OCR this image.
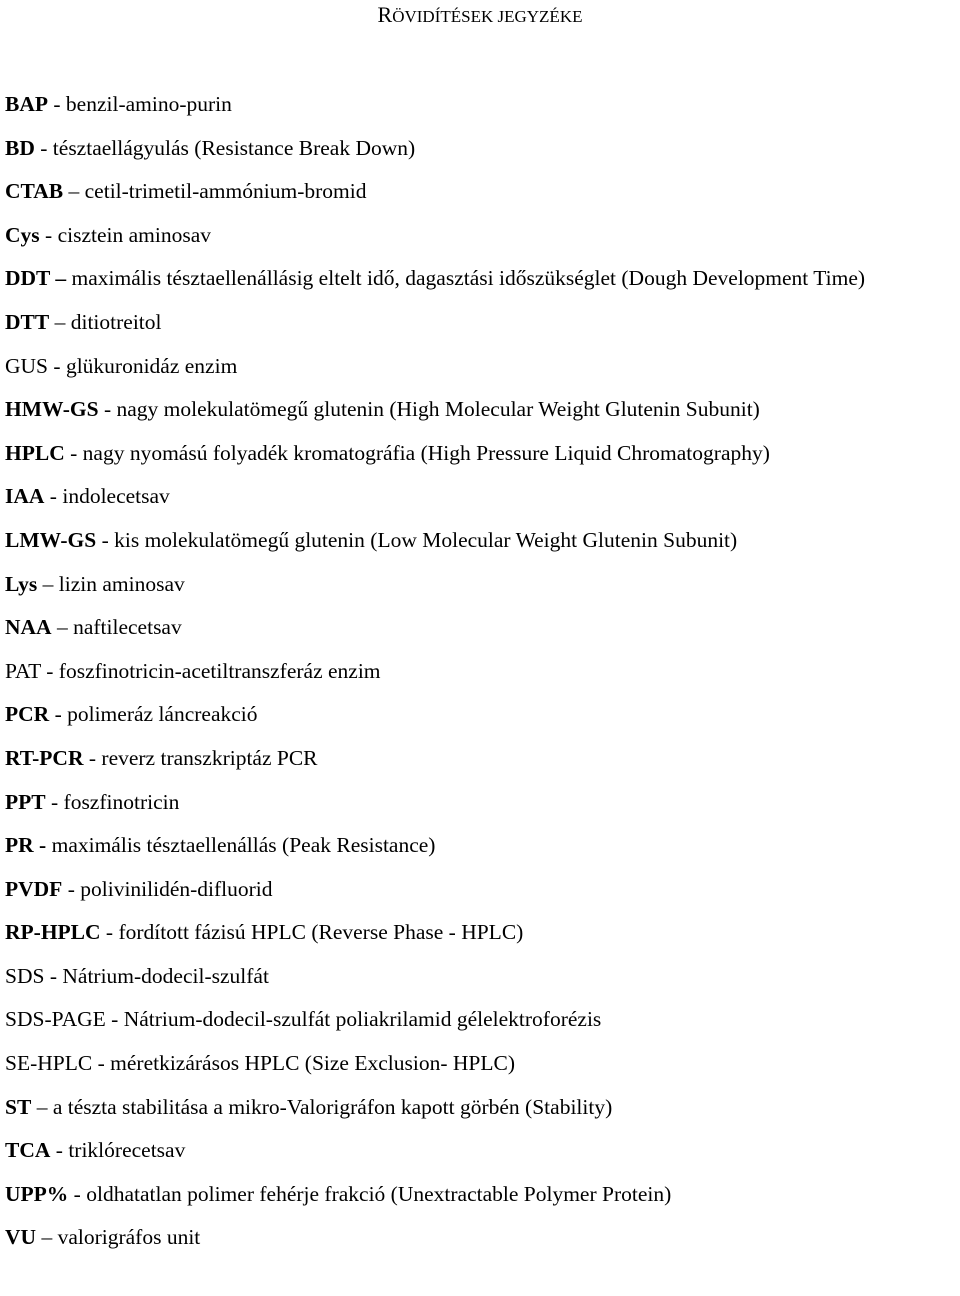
RÖVIDÍTÉSEK JEGYZÉKE
BAP - benzil-amino-purin
BD - tésztaellágyulás (Resistance Break Down)
CTAB – cetil-trimetil-ammónium-bromid
Cys - cisztein aminosav
DDT – maximális tésztaellenállásig eltelt idő, dagasztási időszükséglet (Dough Development Time)
DTT – ditiotreitol
GUS - glükuronidáz enzim
HMW-GS - nagy molekulatömegű glutenin (High Molecular Weight Glutenin Subunit)
HPLC - nagy nyomású folyadék kromatográfia (High Pressure Liquid Chromatography)
IAA - indolecetsav
LMW-GS - kis molekulatömegű glutenin (Low Molecular Weight Glutenin Subunit)
Lys – lizin aminosav
NAA – naftilecetsav
PAT - foszfinotricin-acetiltranszferáz enzim
PCR - polimeráz láncreakció
RT-PCR - reverz transzkriptáz PCR
PPT - foszfinotricin
PR - maximális tésztaellenállás (Peak Resistance)
PVDF - polivinilidén-difluorid
RP-HPLC - fordított fázisú HPLC (Reverse Phase - HPLC)
SDS - Nátrium-dodecil-szulfát
SDS-PAGE - Nátrium-dodecil-szulfát poliakrilamid gélelektroforézis
SE-HPLC - méretkizárásos HPLC (Size Exclusion- HPLC)
ST – a tészta stabilitása a mikro-Valorigráfon kapott görbén (Stability)
TCA - triklórecetsav
UPP% - oldhatatlan polimer fehérje frakció (Unextractable Polymer Protein)
VU – valorigráfos unit
